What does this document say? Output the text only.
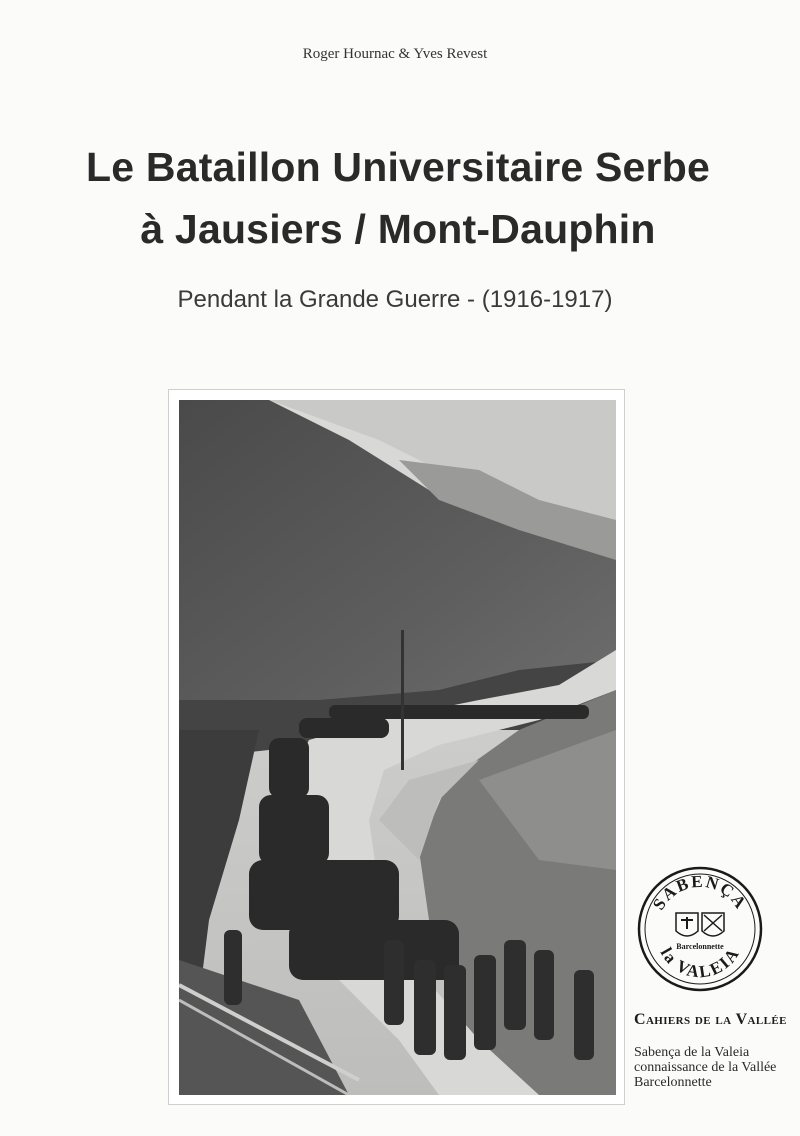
Roger Hournac & Yves Revest
Le Bataillon Universitaire Serbe
à Jausiers / Mont-Dauphin
Pendant la Grande Guerre - (1916-1917)
SABENÇA
la VALEIA
Barcelonnette
Cahiers de la Vallée
Sabença de la Valeia
connaissance de la Vallée
Barcelonnette
